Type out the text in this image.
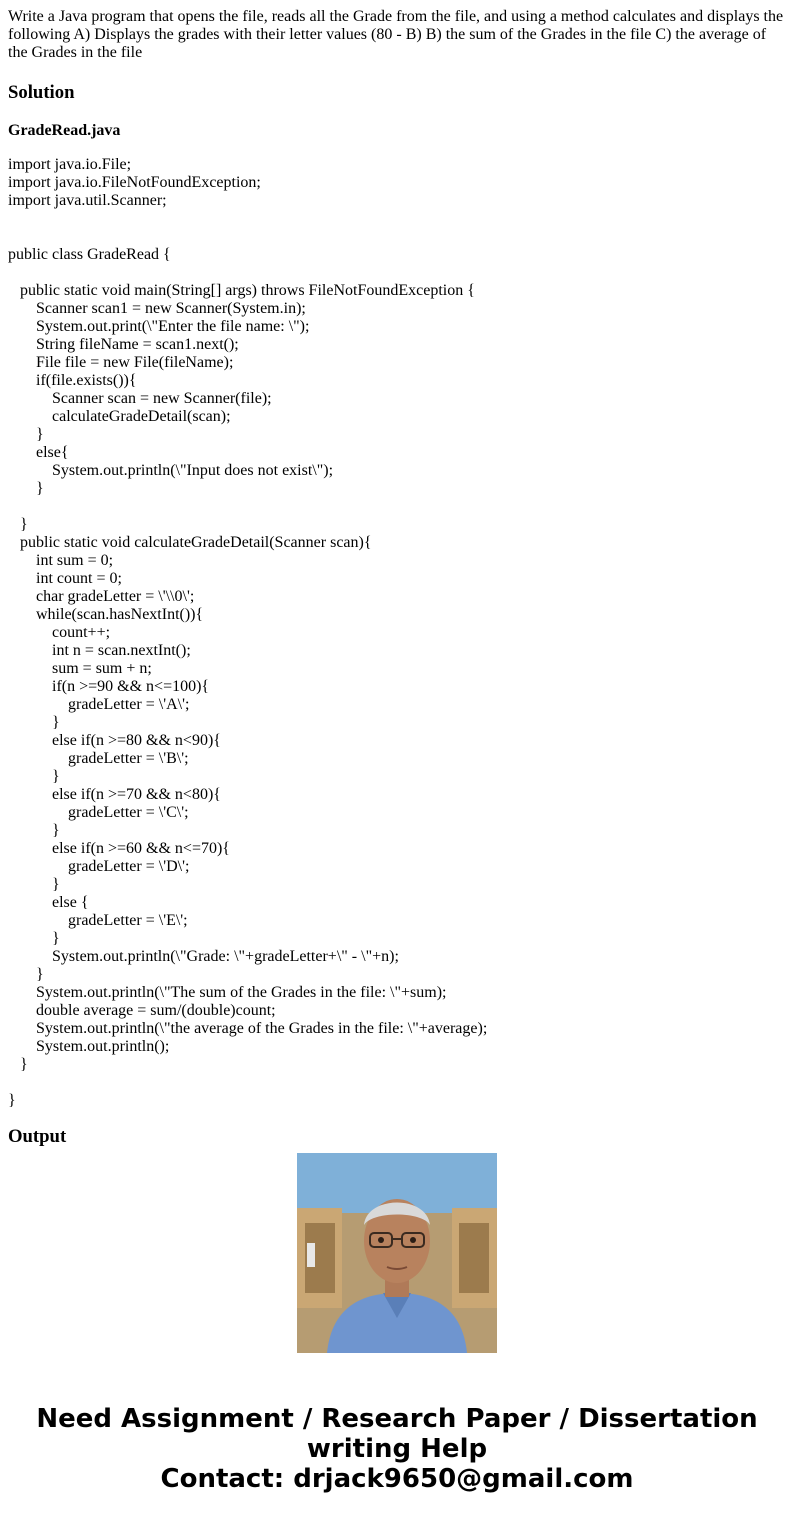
Write a Java program that opens the file, reads all the Grade from the file, and using a method calculates and displays the following A) Displays the grades with their letter values (80 - B) B) the sum of the Grades in the file C) the average of the Grades in the file

Solution

GradeRead.java

import java.io.File;
import java.io.FileNotFoundException;
import java.util.Scanner;
public class GradeRead {
public static void main(String[] args) throws FileNotFoundException {
Scanner scan1 = new Scanner(System.in);
System.out.print(\"Enter the file name: \");
String fileName = scan1.next();
File file = new File(fileName);
if(file.exists()){
Scanner scan = new Scanner(file);
calculateGradeDetail(scan);
}
else{
System.out.println(\"Input does not exist\");
}
}
public static void calculateGradeDetail(Scanner scan){
int sum = 0;
int count = 0;
char gradeLetter = \'\\0\';
while(scan.hasNextInt()){
count++;
int n = scan.nextInt();
sum = sum + n;
if(n >=90 && n<=100){
gradeLetter = \'A\';
}
else if(n >=80 && n<90){
gradeLetter = \'B\';
}
else if(n >=70 && n<80){
gradeLetter = \'C\';
}
else if(n >=60 && n<=70){
gradeLetter = \'D\';
}
else {
gradeLetter = \'E\';
}
System.out.println(\"Grade: \"+gradeLetter+\" - \"+n);
}
System.out.println(\"The sum of the Grades in the file: \"+sum);
double average = sum/(double)count;
System.out.println(\"the average of the Grades in the file: \"+average);
System.out.println();
}
}
Output
Need Assignment / Research Paper / Dissertation
writing Help
Contact: drjack9650@gmail.com
